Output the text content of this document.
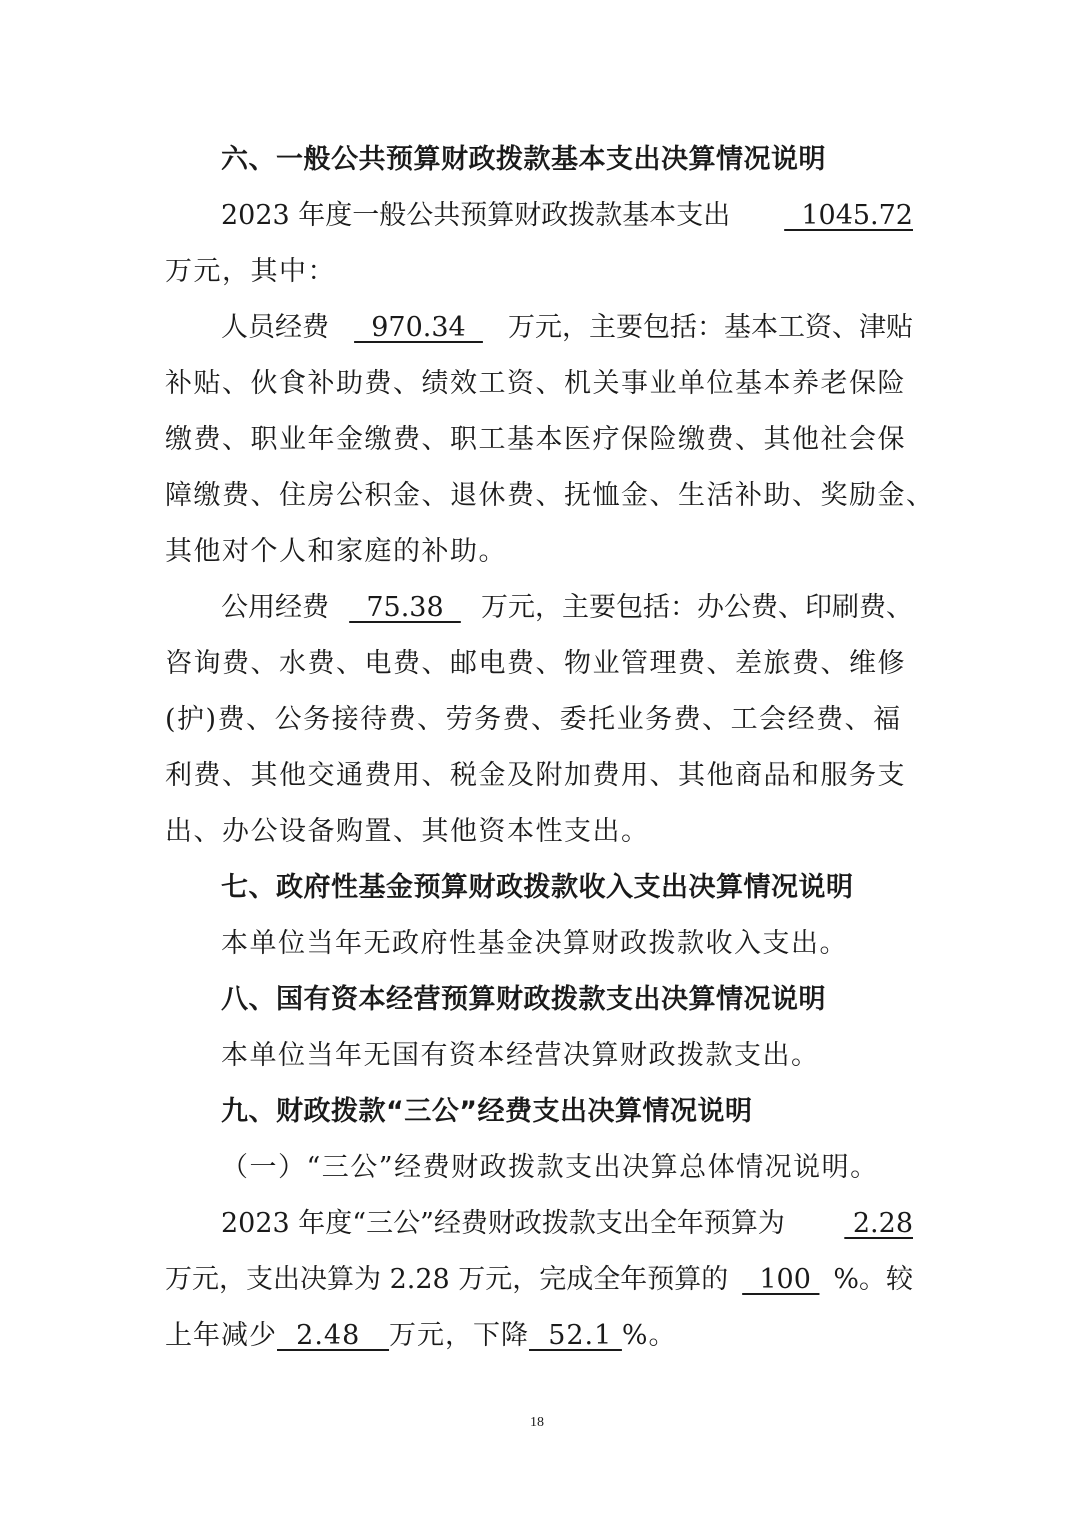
六、一般公共预算财政拨款基本支出决算情况说明
2023 年度一般公共预算财政拨款基本支出 1045.72
万元，其中：
人员经费 970.34 万元，主要包括：基本工资、津贴
补贴、伙食补助费、绩效工资、机关事业单位基本养老保险
缴费、职业年金缴费、职工基本医疗保险缴费、其他社会保
障缴费、住房公积金、退休费、抚恤金、生活补助、奖励金、
其他对个人和家庭的补助。
公用经费 75.38 万元，主要包括：办公费、印刷费、
咨询费、水费、电费、邮电费、物业管理费、差旅费、维修
(护)费、公务接待费、劳务费、委托业务费、工会经费、福
利费、其他交通费用、税金及附加费用、其他商品和服务支
出、办公设备购置、其他资本性支出。
七、政府性基金预算财政拨款收入支出决算情况说明
本单位当年无政府性基金决算财政拨款收入支出。
八、国有资本经营预算财政拨款支出决算情况说明
本单位当年无国有资本经营决算财政拨款支出。
九、财政拨款“三公”经费支出决算情况说明
（一）“三公”经费财政拨款支出决算总体情况说明。
2023 年度“三公”经费财政拨款支出全年预算为 2.28
万元，支出决算为 2.28 万元，完成全年预算的 100 %。较
上年减少  2.48   万元，下降  52.1 %。
18
